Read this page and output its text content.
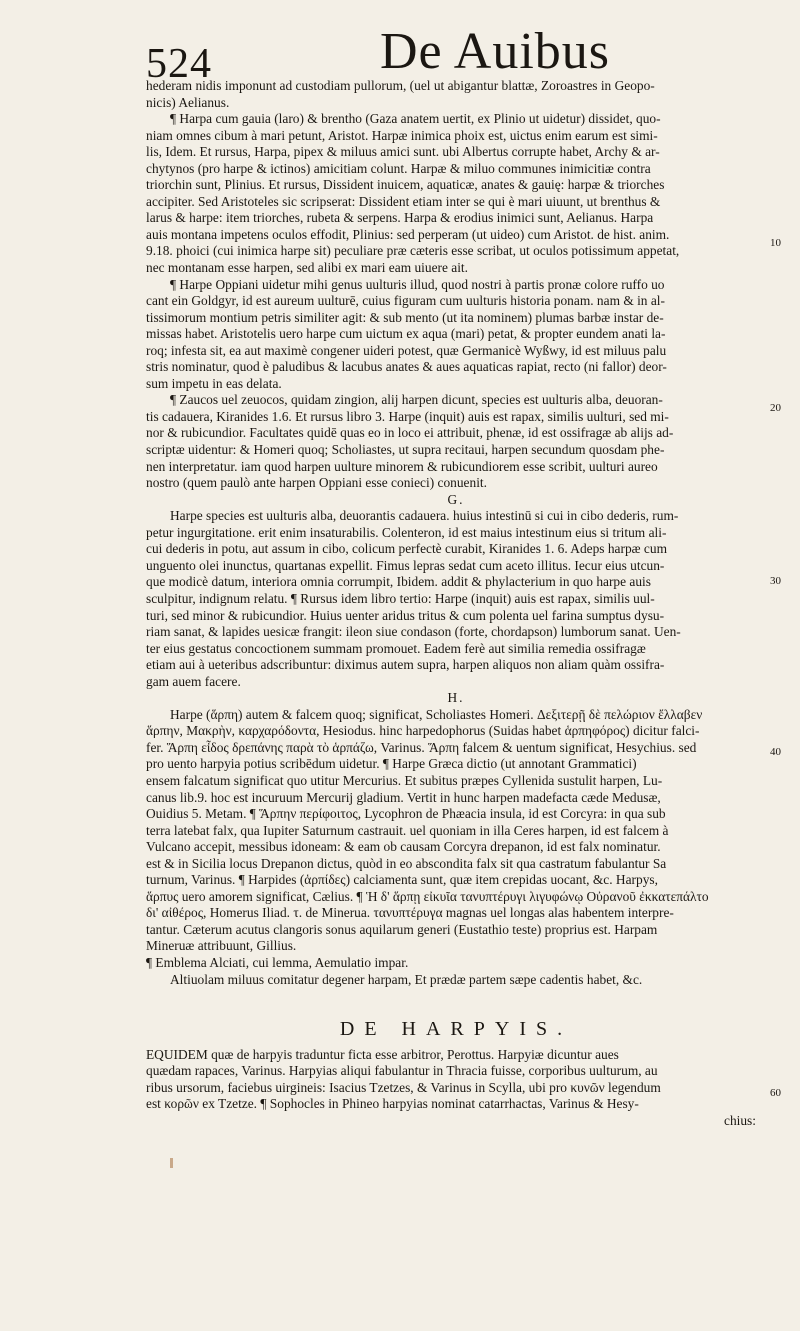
524	De Auibus
hederam nidis imponunt ad custodiam pullorum, (uel ut abigantur blattæ, Zoroastres in Geopo-
nicis) Aelianus.
¶ Harpa cum gauia (laro) & brentho (Gaza anatem uertit, ex Plinio ut uidetur) dissidet, quo-
niam omnes cibum à mari petunt, Aristot. Harpæ inimica phoix est, uictus enim earum est simi-
lis, Idem. Et rursus, Harpa, pipex & miluus amici sunt. ubi Albertus corrupte habet, Archy & ar-
chytynos (pro harpe & ictinos) amicitiam colunt. Harpæ & miluo communes inimicitiæ contra
triorchin sunt, Plinius. Et rursus, Dissident inuicem, aquaticæ, anates & gauię: harpæ & triorches
accipiter. Sed Aristoteles sic scripserat: Dissident etiam inter se qui è mari uiuunt, ut brenthus &
larus & harpe: item triorches, rubeta & serpens. Harpa & erodius inimici sunt, Aelianus. Harpa
auis montana impetens oculos effodit, Plinius: sed perperam (ut uideo) cum Aristot. de hist. anim.
9.18. phoici (cui inimica harpe sit) peculiare præ cæteris esse scribat, ut oculos potissimum appetat,
nec montanam esse harpen, sed alibi ex mari eam uiuere ait.
¶ Harpe Oppiani uidetur mihi genus uulturis illud, quod nostri à partis pronæ colore ruffo uo
cant ein Goldgyr, id est aureum uulturē, cuius figuram cum uulturis historia ponam. nam & in al-
tissimorum montium petris similiter agit: & sub mento (ut ita nominem) plumas barbæ instar de-
missas habet. Aristotelis uero harpe cum uictum ex aqua (mari) petat, & propter eundem anati la-
roq; infesta sit, ea aut maximè congener uideri potest, quæ Germanicè Wyßwy, id est miluus palu
stris nominatur, quod è paludibus & lacubus anates & aues aquaticas rapiat, recto (ni fallor) deor-
sum impetu in eas delata.
¶ Zaucos uel zeuocos, quidam zingion, alij harpen dicunt, species est uulturis alba, deuoran-
tis cadauera, Kiranides 1.6. Et rursus libro 3. Harpe (inquit) auis est rapax, similis uulturi, sed mi-
nor & rubicundior. Facultates quidē quas eo in loco ei attribuit, phenæ, id est ossifragæ ab alijs ad-
scriptæ uidentur: & Homeri quoq; Scholiastes, ut supra recitaui, harpen secundum quosdam phe-
nen interpretatur. iam quod harpen uulture minorem & rubicundiorem esse scribit, uulturi aureo
nostro (quem paulò ante harpen Oppiani esse conieci) conuenit.
G.
Harpe species est uulturis alba, deuorantis cadauera. huius intestinū si cui in cibo dederis, rum-
petur ingurgitatione. erit enim insaturabilis. Colenteron, id est maius intestinum eius si tritum ali-
cui dederis in potu, aut assum in cibo, colicum perfectè curabit, Kiranides 1. 6. Adeps harpæ cum
unguento olei inunctus, quartanas expellit. Fimus lepras sedat cum aceto illitus. Iecur eius utcun-
que modicè datum, interiora omnia corrumpit, Ibidem. addit & phylacterium in quo harpe auis
sculpitur, indignum relatu. ¶ Rursus idem libro tertio: Harpe (inquit) auis est rapax, similis uul-
turi, sed minor & rubicundior. Huius uenter aridus tritus & cum polenta uel farina sumptus dysu-
riam sanat, & lapides uesicæ frangit: ileon siue condason (forte, chordapson) lumborum sanat. Uen-
ter eius gestatus concoctionem summam promouet. Eadem ferè aut similia remedia ossifragæ
etiam aui à ueteribus adscribuntur: diximus autem supra, harpen aliquos non aliam quàm ossifra-
gam auem facere.
H.
Harpe (ἅρπη) autem & falcem quoq; significat, Scholiastes Homeri. Δεξιτερῇ δὲ πελώριον ἔλλαβεν
ἅρπην, Μακρὴν, καρχαρόδοντα, Hesiodus. hinc harpedophorus (Suidas habet ἁρπηφόρος) dicitur falci-
fer. Ἅρπη εἶδος δρεπάνης παρὰ τὸ ἁρπάζω, Varinus. Ἅρπη falcem & uentum significat, Hesychius. sed
pro uento harpyia potius scribēdum uidetur. ¶ Harpe Græca dictio (ut annotant Grammatici)
ensem falcatum significat quo utitur Mercurius. Et subitus præpes Cyllenida sustulit harpen, Lu-
canus lib.9. hoc est incuruum Mercurij gladium. Vertit in hunc harpen madefacta cæde Medusæ,
Ouidius 5. Metam. ¶ Ἅρπην περίφοιτος, Lycophron de Phæacia insula, id est Corcyra: in qua sub
terra latebat falx, qua Iupiter Saturnum castrauit. uel quoniam in illa Ceres harpen, id est falcem à
Vulcano accepit, messibus idoneam: & eam ob causam Corcyra drepanon, id est falx nominatur.
est & in Sicilia locus Drepanon dictus, quòd in eo abscondita falx sit qua castratum fabulantur Sa
turnum, Varinus. ¶ Harpides (ἁρπίδες) calciamenta sunt, quæ item crepidas uocant, &c. Harpys,
ἅρπυς uero amorem significat, Cælius. ¶ Ἡ δ' ἅρπῃ εἰκυῖα τανυπτέρυγι λιγυφώνῳ Οὐρανοῦ ἐκκατεπάλτο
δι' αἰθέρος, Homerus Iliad. τ. de Minerua. τανυπτέρυγα magnas uel longas alas habentem interpre-
tantur. Cæterum acutus clangoris sonus aquilarum generi (Eustathio teste) proprius est. Harpam
Mineruæ attribuunt, Gillius.
¶ Emblema Alciati, cui lemma, Aemulatio impar.
Altiuolam miluus comitatur degener harpam, Et prædæ partem sæpe cadentis habet, &c.
DE HARPYIS.
EQUIDEM quæ de harpyis traduntur ficta esse arbitror, Perottus. Harpyiæ dicuntur aues
quædam rapaces, Varinus. Harpyias aliqui fabulantur in Thracia fuisse, corporibus uulturum, au
ribus ursorum, faciebus uirgineis: Isacius Tzetzes, & Varinus in Scylla, ubi pro κυνῶν legendum
est κορῶν ex Tzetze. ¶ Sophocles in Phineo harpyias nominat catarrhactas, Varinus & Hesy-
chius:
10
20
30
40
60
